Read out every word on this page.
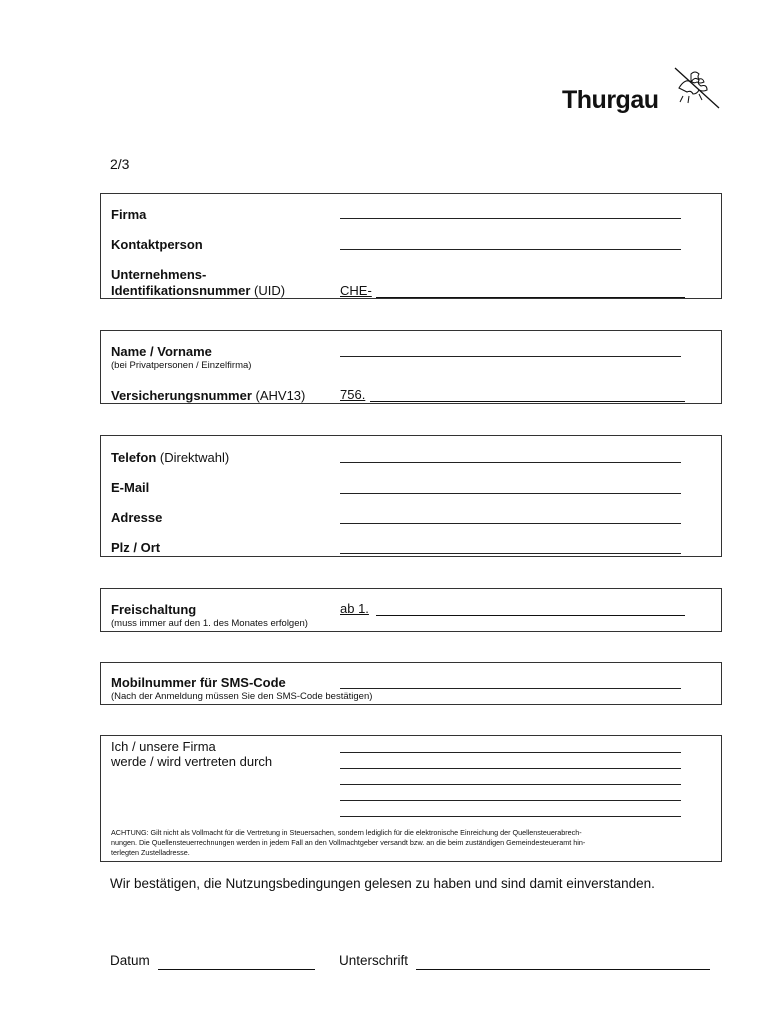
Thurgau
2/3
Firma
Kontaktperson
Unternehmens-
Identifikationsnummer (UID)	CHE-
Name / Vorname
(bei Privatpersonen / Einzelfirma)
Versicherungsnummer (AHV13)	756.
Telefon (Direktwahl)
E-Mail
Adresse
Plz / Ort
Freischaltung
(muss immer auf den 1. des Monates erfolgen)
ab 1.
Mobilnummer für SMS-Code
(Nach der Anmeldung müssen Sie den SMS-Code bestätigen)
Ich / unsere Firma
werde / wird vertreten durch
ACHTUNG: Gilt nicht als Vollmacht für die Vertretung in Steuersachen, sondern lediglich für die elektronische Einreichung der Quellensteuerabrech-
nungen. Die Quellensteuerrechnungen werden in jedem Fall an den Vollmachtgeber versandt bzw. an die beim zuständigen Gemeindesteueramt hin-
terlegten Zustelladresse.
Wir bestätigen, die Nutzungsbedingungen gelesen zu haben und sind damit einverstanden.
Datum	Unterschrift
